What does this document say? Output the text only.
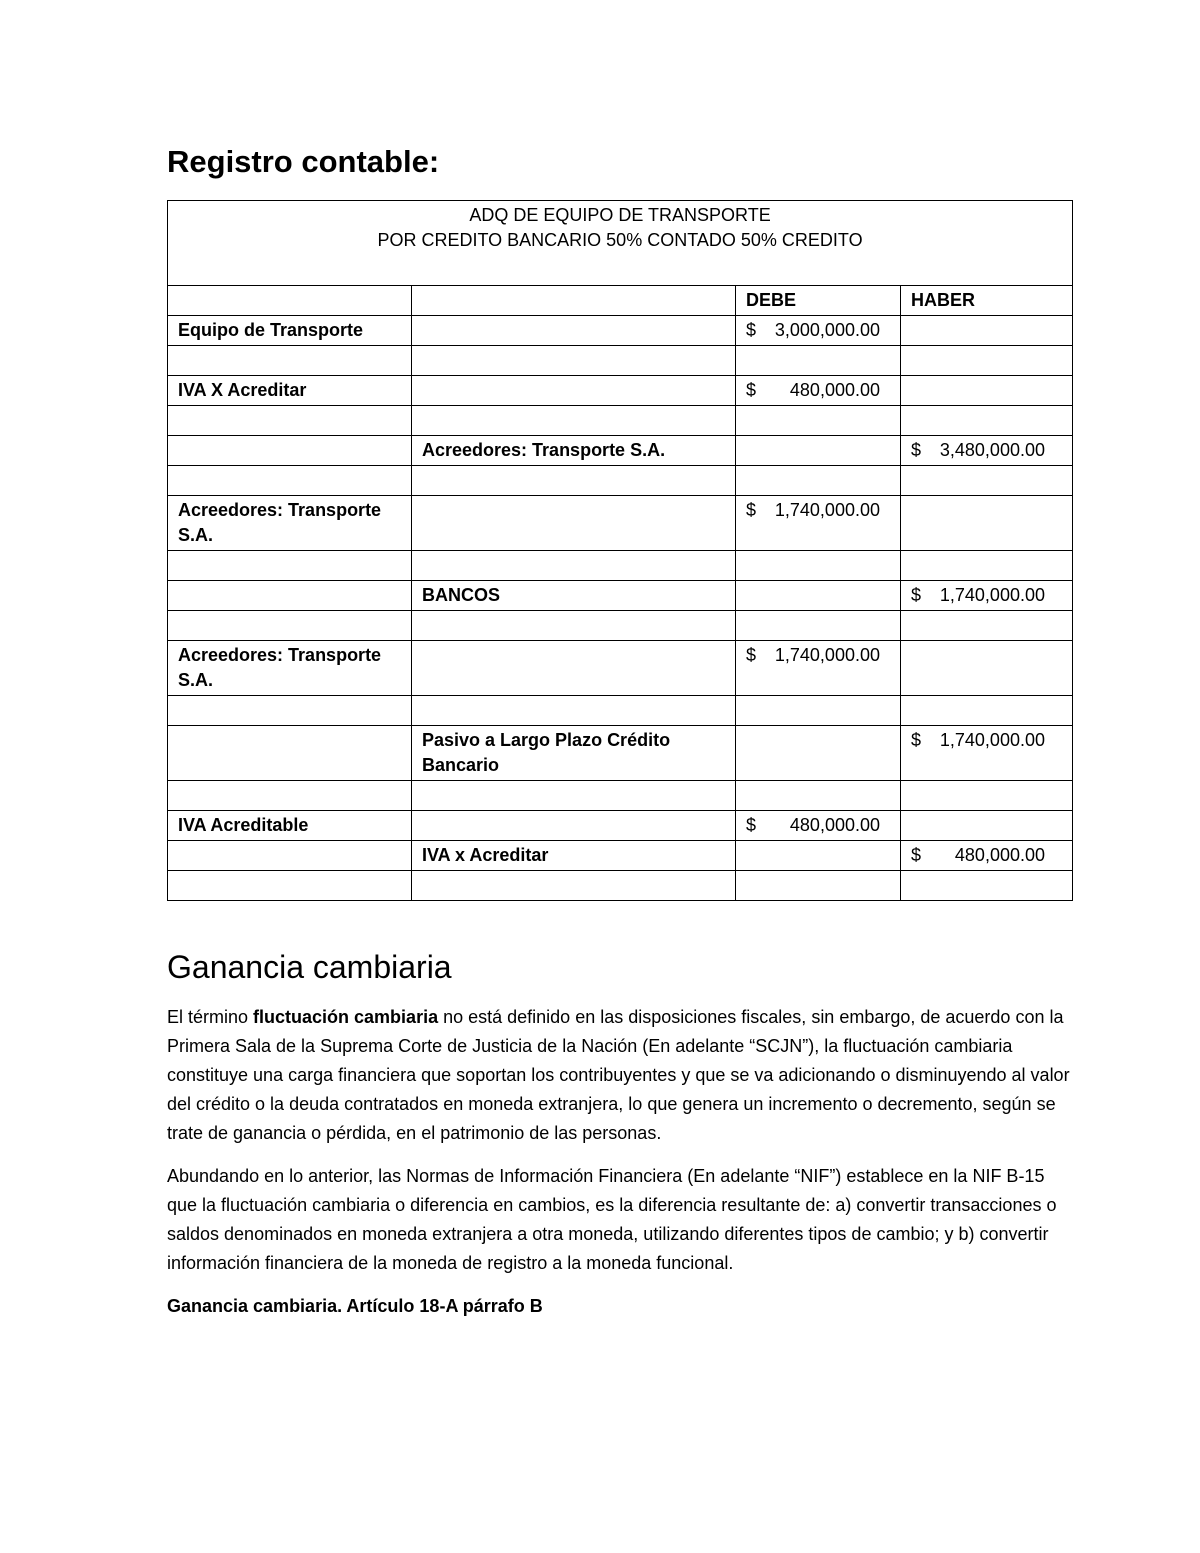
Registro contable:
ADQ DE EQUIPO DE TRANSPORTE
POR CREDITO BANCARIO 50% CONTADO 50% CREDITO			

		DEBE	HABER
Equipo de Transporte		$ 3,000,000.00	

IVA X Acreditar		$ 480,000.00	

	Acreedores: Transporte S.A.		$ 3,480,000.00

Acreedores: Transporte S.A.		$ 1,740,000.00	

	BANCOS		$ 1,740,000.00

Acreedores: Transporte S.A.		$ 1,740,000.00	

	Pasivo a Largo Plazo Crédito Bancario		$ 1,740,000.00

IVA Acreditable		$ 480,000.00	
	IVA x Acreditar		$ 480,000.00

Ganancia cambiaria

El término fluctuación cambiaria no está definido en las disposiciones fiscales, sin embargo, de acuerdo con la Primera Sala de la Suprema Corte de Justicia de la Nación (En adelante “SCJN”), la fluctuación cambiaria constituye una carga financiera que soportan los contribuyentes y que se va adicionando o disminuyendo al valor del crédito o la deuda contratados en moneda extranjera, lo que genera un incremento o decremento, según se trate de ganancia o pérdida, en el patrimonio de las personas.

Abundando en lo anterior, las Normas de Información Financiera (En adelante “NIF”) establece en la NIF B-15 que la fluctuación cambiaria o diferencia en cambios, es la diferencia resultante de: a) convertir transacciones o saldos denominados en moneda extranjera a otra moneda, utilizando diferentes tipos de cambio; y b) convertir información financiera de la moneda de registro a la moneda funcional.

Ganancia cambiaria. Artículo 18-A párrafo B
